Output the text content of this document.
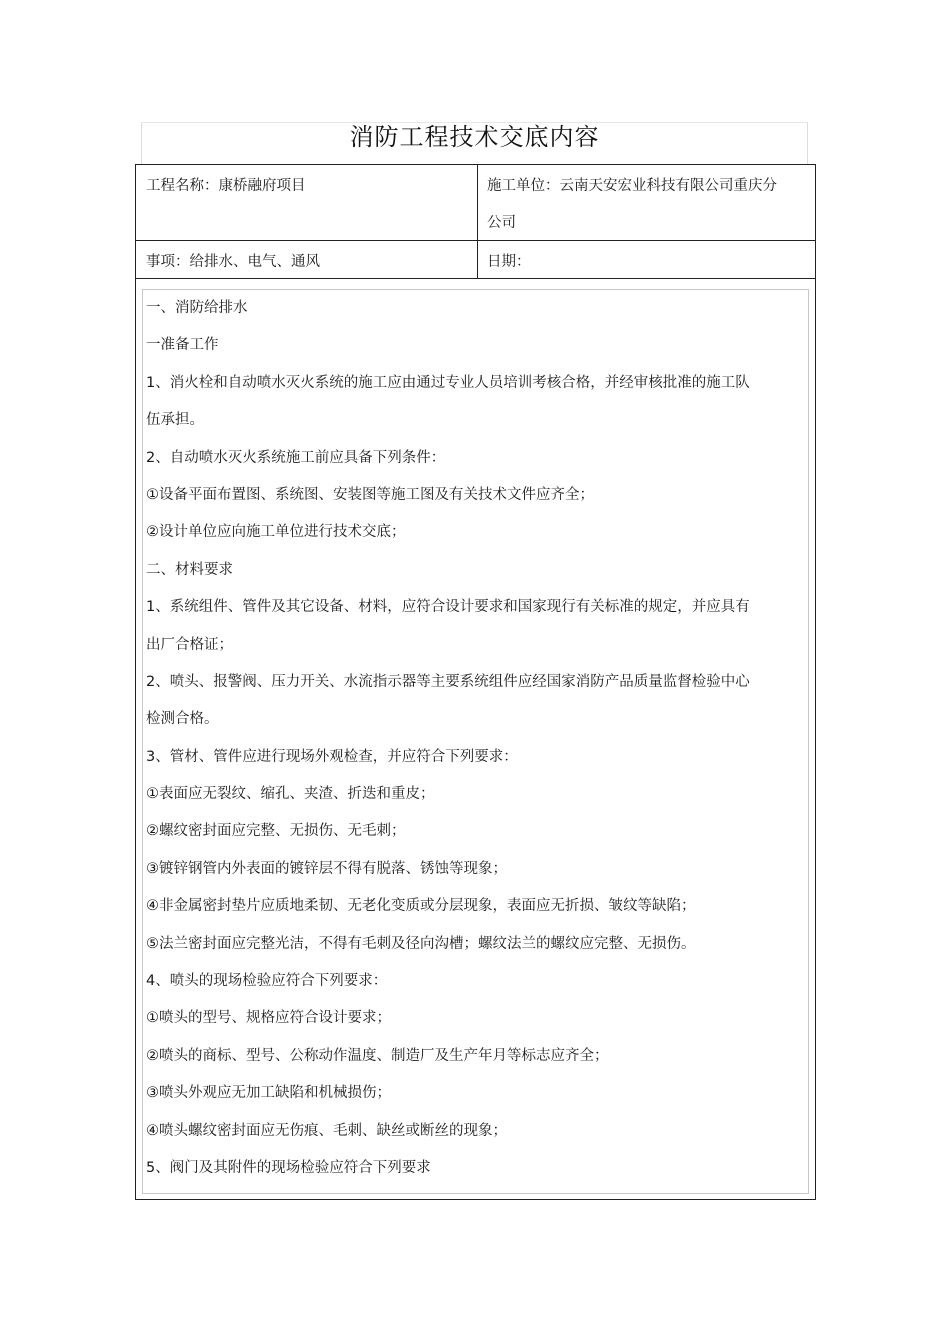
消防工程技术交底内容
工程名称：康桥融府项目	施工单位：云南天安宏业科技有限公司重庆分
公司
事项：给排水、电气、通风	日期：

一、消防给排水

一准备工作

1、消火栓和自动喷水灭火系统的施工应由通过专业人员培训考核合格，并经审核批准的施工队

伍承担。

2、自动喷水灭火系统施工前应具备下列条件：

①设备平面布置图、系统图、安装图等施工图及有关技术文件应齐全；

②设计单位应向施工单位进行技术交底；

二、材料要求

1、系统组件、管件及其它设备、材料，应符合设计要求和国家现行有关标准的规定，并应具有

出厂合格证；

2、喷头、报警阀、压力开关、水流指示器等主要系统组件应经国家消防产品质量监督检验中心

检测合格。

3、管材、管件应进行现场外观检查，并应符合下列要求：

①表面应无裂纹、缩孔、夹渣、折迭和重皮；

②螺纹密封面应完整、无损伤、无毛刺；

③镀锌钢管内外表面的镀锌层不得有脱落、锈蚀等现象；

④非金属密封垫片应质地柔韧、无老化变质或分层现象，表面应无折损、皱纹等缺陷；

⑤法兰密封面应完整光洁，不得有毛刺及径向沟槽；螺纹法兰的螺纹应完整、无损伤。

4、喷头的现场检验应符合下列要求：

①喷头的型号、规格应符合设计要求；

②喷头的商标、型号、公称动作温度、制造厂及生产年月等标志应齐全；

③喷头外观应无加工缺陷和机械损伤；

④喷头螺纹密封面应无伤痕、毛刺、缺丝或断丝的现象；

5、阀门及其附件的现场检验应符合下列要求
